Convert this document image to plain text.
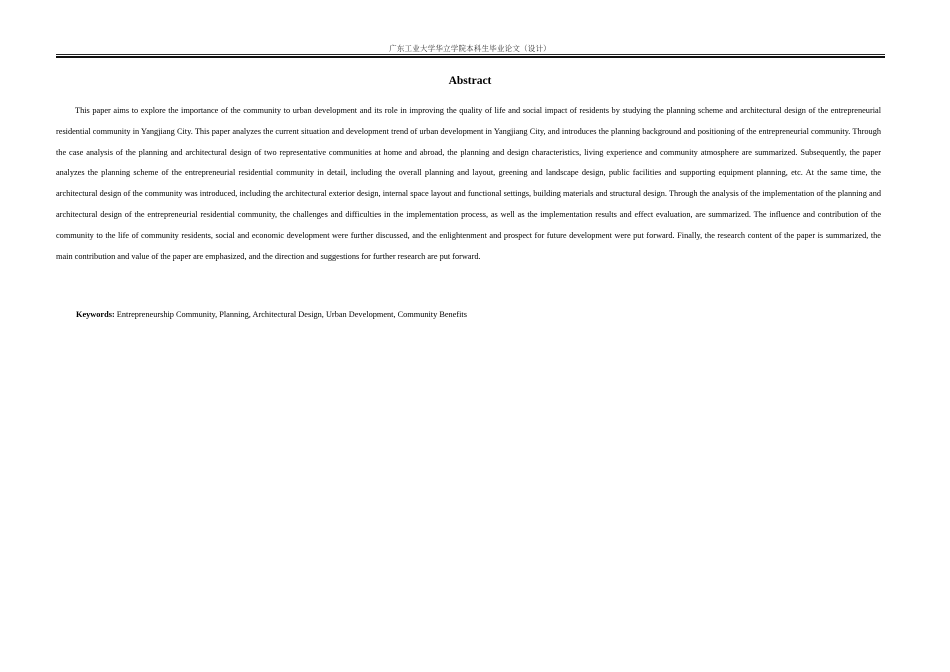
广东工业大学华立学院本科生毕业论文（设计）
Abstract

This paper aims to explore the importance of the community to urban development and its role in improving the quality of life and social impact of residents by studying the planning scheme and architectural design of the entrepreneurial residential community in Yangjiang City. This paper analyzes the current situation and development trend of urban development in Yangjiang City, and introduces the planning background and positioning of the entrepreneurial community. Through the case analysis of the planning and architectural design of two representative communities at home and abroad, the planning and design characteristics, living experience and community atmosphere are summarized. Subsequently, the paper analyzes the planning scheme of the entrepreneurial residential community in detail, including the overall planning and layout, greening and landscape design, public facilities and supporting equipment planning, etc. At the same time, the architectural design of the community was introduced, including the architectural exterior design, internal space layout and functional settings, building materials and structural design. Through the analysis of the implementation of the planning and architectural design of the entrepreneurial residential community, the challenges and difficulties in the implementation process, as well as the implementation results and effect evaluation, are summarized. The influence and contribution of the community to the life of community residents, social and economic development were further discussed, and the enlightenment and prospect for future development were put forward. Finally, the research content of the paper is summarized, the main contribution and value of the paper are emphasized, and the direction and suggestions for further research are put forward.

Keywords: Entrepreneurship Community, Planning, Architectural Design, Urban Development, Community Benefits
